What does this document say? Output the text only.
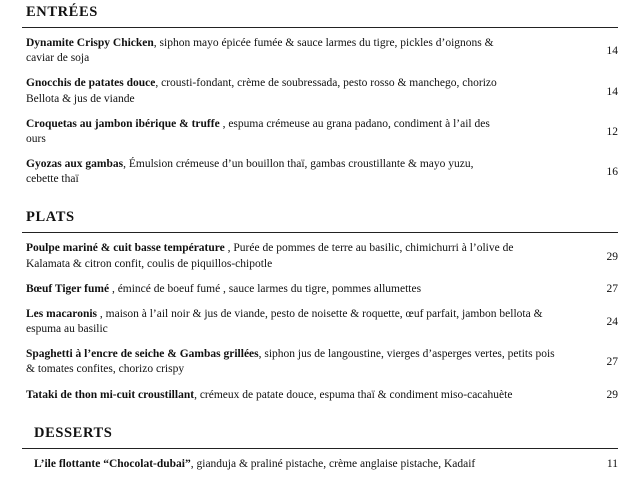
ENTRÉES
Dynamite Crispy Chicken, siphon mayo épicée fumée & sauce larmes du tigre, pickles d’oignons & caviar de soja
14
Gnocchis de patates douce, crousti-fondant, crème de soubressada, pesto rosso & manchego, chorizo Bellota & jus de viande
14
Croquetas au jambon ibérique & truffe , espuma crémeuse au grana padano, condiment à l’ail des ours
12
Gyozas aux gambas, Émulsion crémeuse d’un bouillon thaï, gambas croustillante & mayo yuzu, cebette thaï
16
PLATS
Poulpe mariné & cuit basse température , Purée de pommes de terre au basilic, chimichurri à l’olive de Kalamata & citron confit, coulis de piquillos-chipotle
29
Bœuf Tiger fumé , émincé de boeuf fumé , sauce larmes du tigre, pommes allumettes	27
Les macaronis , maison à l’ail noir & jus de viande, pesto de noisette & roquette, œuf parfait, jambon bellota & espuma au basilic
24
Spaghetti à l’encre de seiche & Gambas grillées, siphon jus de langoustine, vierges d’asperges vertes, petits pois & tomates confites, chorizo crispy
27
Tataki de thon mi-cuit croustillant, crémeux de patate douce, espuma thaï & condiment miso-cacahuète	29
DESSERTS
L’ile flottante “Chocolat-dubai”, gianduja & praliné pistache, crème anglaise pistache, Kadaif	11
